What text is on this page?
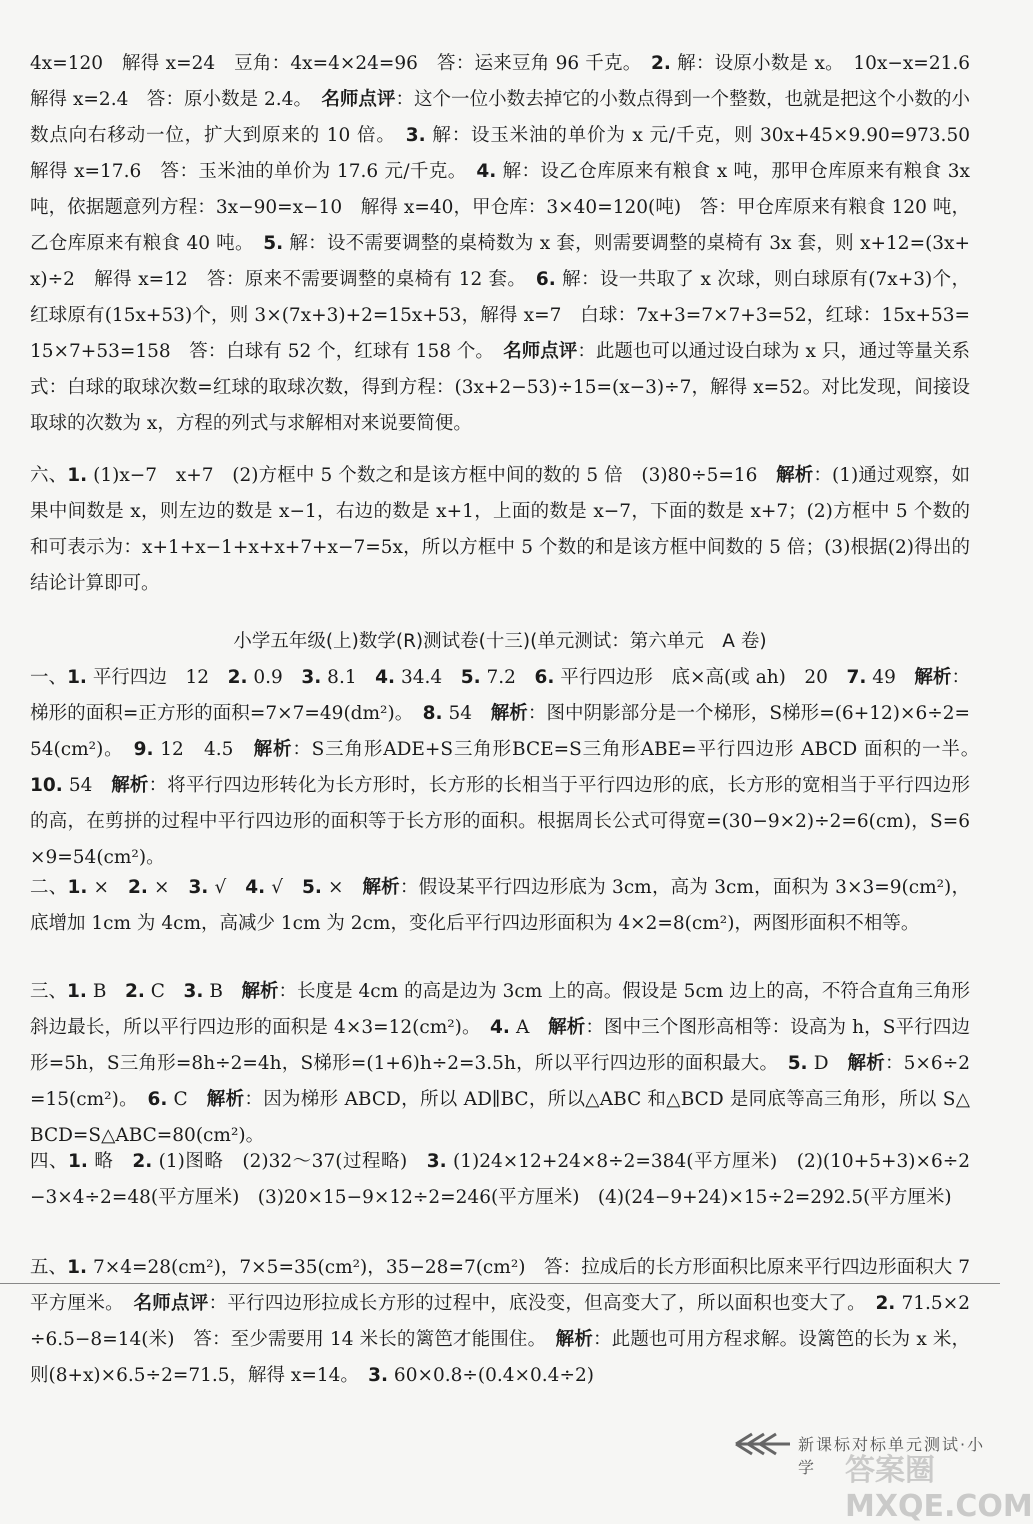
4x=120　解得 x=24　豆角：4x=4×24=96　答：运来豆角 96 千克。　2. 解：设原小数是 x。　10x−x=21.6　解得 x=2.4　答：原小数是 2.4。　名师点评：这个一位小数去掉它的小数点得到一个整数，也就是把这个小数的小数点向右移动一位，扩大到原来的 10 倍。　3. 解：设玉米油的单价为 x 元/千克，则 30x+45×9.90=973.50　解得 x=17.6　答：玉米油的单价为 17.6 元/千克。　4. 解：设乙仓库原来有粮食 x 吨，那甲仓库原来有粮食 3x 吨，依据题意列方程：3x−90=x−10　解得 x=40，甲仓库：3×40=120(吨)　答：甲仓库原来有粮食 120 吨，乙仓库原来有粮食 40 吨。　5. 解：设不需要调整的桌椅数为 x 套，则需要调整的桌椅有 3x 套，则 x+12=(3x+x)÷2　解得 x=12　答：原来不需要调整的桌椅有 12 套。　6. 解：设一共取了 x 次球，则白球原有(7x+3)个，红球原有(15x+53)个，则 3×(7x+3)+2=15x+53，解得 x=7　白球：7x+3=7×7+3=52，红球：15x+53=15×7+53=158　答：白球有 52 个，红球有 158 个。　名师点评：此题也可以通过设白球为 x 只，通过等量关系式：白球的取球次数=红球的取球次数，得到方程：(3x+2−53)÷15=(x−3)÷7，解得 x=52。对比发现，间接设取球的次数为 x，方程的列式与求解相对来说要简便。

六、1. (1)x−7　x+7　(2)方框中 5 个数之和是该方框中间的数的 5 倍　(3)80÷5=16　解析：(1)通过观察，如果中间数是 x，则左边的数是 x−1，右边的数是 x+1，上面的数是 x−7，下面的数是 x+7；(2)方框中 5 个数的和可表示为：x+1+x−1+x+x+7+x−7=5x，所以方框中 5 个数的和是该方框中间数的 5 倍；(3)根据(2)得出的结论计算即可。

小学五年级(上)数学(R)测试卷(十三)(单元测试：第六单元　A 卷)

一、1. 平行四边　12　2. 0.9　3. 8.1　4. 34.4　5. 7.2　6. 平行四边形　底×高(或 ah)　20　7. 49　解析：梯形的面积=正方形的面积=7×7=49(dm²)。　8. 54　解析：图中阴影部分是一个梯形，S梯形=(6+12)×6÷2=54(cm²)。　9. 12　4.5　解析：S三角形ADE+S三角形BCE=S三角形ABE=平行四边形 ABCD 面积的一半。　10. 54　解析：将平行四边形转化为长方形时，长方形的长相当于平行四边形的底，长方形的宽相当于平行四边形的高，在剪拼的过程中平行四边形的面积等于长方形的面积。根据周长公式可得宽=(30−9×2)÷2=6(cm)，S=6×9=54(cm²)。

二、1. ×　2. ×　3. √　4. √　5. ×　解析：假设某平行四边形底为 3cm，高为 3cm，面积为 3×3=9(cm²)，底增加 1cm 为 4cm，高减少 1cm 为 2cm，变化后平行四边形面积为 4×2=8(cm²)，两图形面积不相等。

三、1. B　2. C　3. B　解析：长度是 4cm 的高是边为 3cm 上的高。假设是 5cm 边上的高，不符合直角三角形斜边最长，所以平行四边形的面积是 4×3=12(cm²)。　4. A　解析：图中三个图形高相等：设高为 h，S平行四边形=5h，S三角形=8h÷2=4h，S梯形=(1+6)h÷2=3.5h，所以平行四边形的面积最大。　5. D　解析：5×6÷2=15(cm²)。　6. C　解析：因为梯形 ABCD，所以 AD∥BC，所以△ABC 和△BCD 是同底等高三角形，所以 S△BCD=S△ABC=80(cm²)。

四、1. 略　2. (1)图略　(2)32～37(过程略)　3. (1)24×12+24×8÷2=384(平方厘米)　(2)(10+5+3)×6÷2−3×4÷2=48(平方厘米)　(3)20×15−9×12÷2=246(平方厘米)　(4)(24−9+24)×15÷2=292.5(平方厘米)

五、1. 7×4=28(cm²)，7×5=35(cm²)，35−28=7(cm²)　答：拉成后的长方形面积比原来平行四边形面积大 7 平方厘米。　名师点评：平行四边形拉成长方形的过程中，底没变，但高变大了，所以面积也变大了。　2. 71.5×2÷6.5−8=14(米)　答：至少需要用 14 米长的篱笆才能围住。　解析：此题也可用方程求解。设篱笆的长为 x 米，则(8+x)×6.5÷2=71.5，解得 x=14。　3. 60×0.8÷(0.4×0.4÷2)

新课标对标单元测试·小学 答案圈 MXQE.COM
